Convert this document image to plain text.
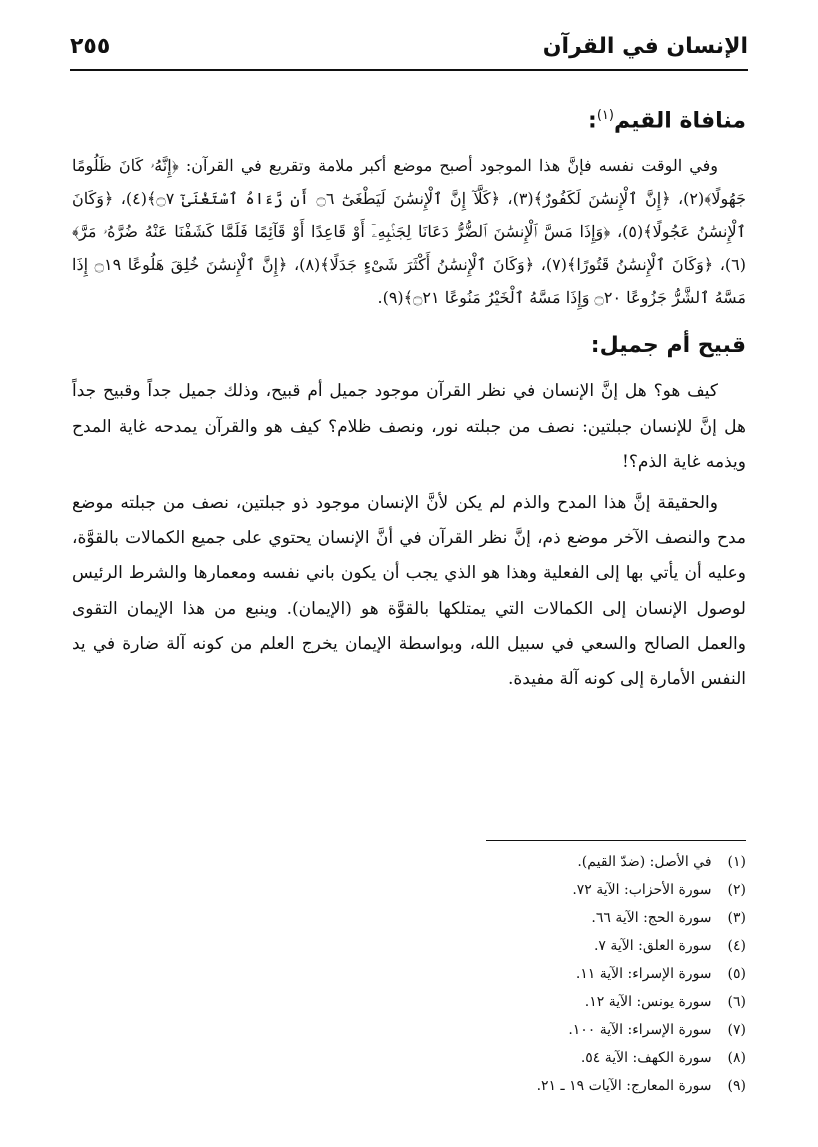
الإنسان في القرآن
٢٥٥
منافاة القيم$^{(١)}$:

وفي الوقت نفسه فإنَّ هذا الموجود أصبح موضع أكبر ملامة وتقريع في القرآن: ﴿إِنَّهُۥ كَانَ ظَلُومًا جَهُولًا﴾(٢)، ﴿إِنَّ ٱلْإِنسَٰنَ لَكَفُورٌ﴾(٣)، ﴿كَلَّآ إِنَّ ٱلْإِنسَٰنَ لَيَطْغَىٰٓ ۝٦ أَن رَّءَاهُ ٱسْتَغْنَىٰٓ ۝٧﴾(٤)، ﴿وَكَانَ ٱلْإِنسَٰنُ عَجُولًا﴾(٥)، ﴿وَإِذَا مَسَّ ٱلْإِنسَٰنَ ٱلضُّرُّ دَعَانَا لِجَنۢبِهِۦٓ أَوْ قَاعِدًا أَوْ قَآئِمًا فَلَمَّا كَشَفْنَا عَنْهُ ضُرَّهُۥ مَرَّ﴾(٦)، ﴿وَكَانَ ٱلْإِنسَٰنُ قَتُورًا﴾(٧)، ﴿وَكَانَ ٱلْإِنسَٰنُ أَكْثَرَ شَىْءٍ جَدَلًا﴾(٨)، ﴿إِنَّ ٱلْإِنسَٰنَ خُلِقَ هَلُوعًا ۝١٩ إِذَا مَسَّهُ ٱلشَّرُّ جَزُوعًا ۝٢٠ وَإِذَا مَسَّهُ ٱلْخَيْرُ مَنُوعًا ۝٢١﴾(٩).

قبيح أم جميل:

كيف هو؟ هل إنَّ الإنسان في نظر القرآن موجود جميل أم قبيح، وذلك جميل جداً وقبيح جداً هل إنَّ للإنسان جبلتين: نصف من جبلته نور، ونصف ظلام؟ كيف هو والقرآن يمدحه غاية المدح ويذمه غاية الذم؟!

والحقيقة إنَّ هذا المدح والذم لم يكن لأنَّ الإنسان موجود ذو جبلتين، نصف من جبلته موضع مدح والنصف الآخر موضع ذم، إنَّ نظر القرآن في أنَّ الإنسان يحتوي على جميع الكمالات بالقوَّة، وعليه أن يأتي بها إلى الفعلية وهذا هو الذي يجب أن يكون باني نفسه ومعمارها والشرط الرئيس لوصول الإنسان إلى الكمالات التي يمتلكها بالقوَّة هو (الإيمان). وينبع من هذا الإيمان التقوى والعمل الصالح والسعي في سبيل الله، وبواسطة الإيمان يخرج العلم من كونه آلة ضارة في يد النفس الأمارة إلى كونه آلة مفيدة.

(١) في الأصل: (ضدّ القيم).
(٢) سورة الأحزاب: الآية ٧٢.
(٣) سورة الحج: الآية ٦٦.
(٤) سورة العلق: الآية ٧.
(٥) سورة الإسراء: الآية ١١.
(٦) سورة يونس: الآية ١٢.
(٧) سورة الإسراء: الآية ١٠٠.
(٨) سورة الكهف: الآية ٥٤.
(٩) سورة المعارج: الآيات ١٩ ـ ٢١.
